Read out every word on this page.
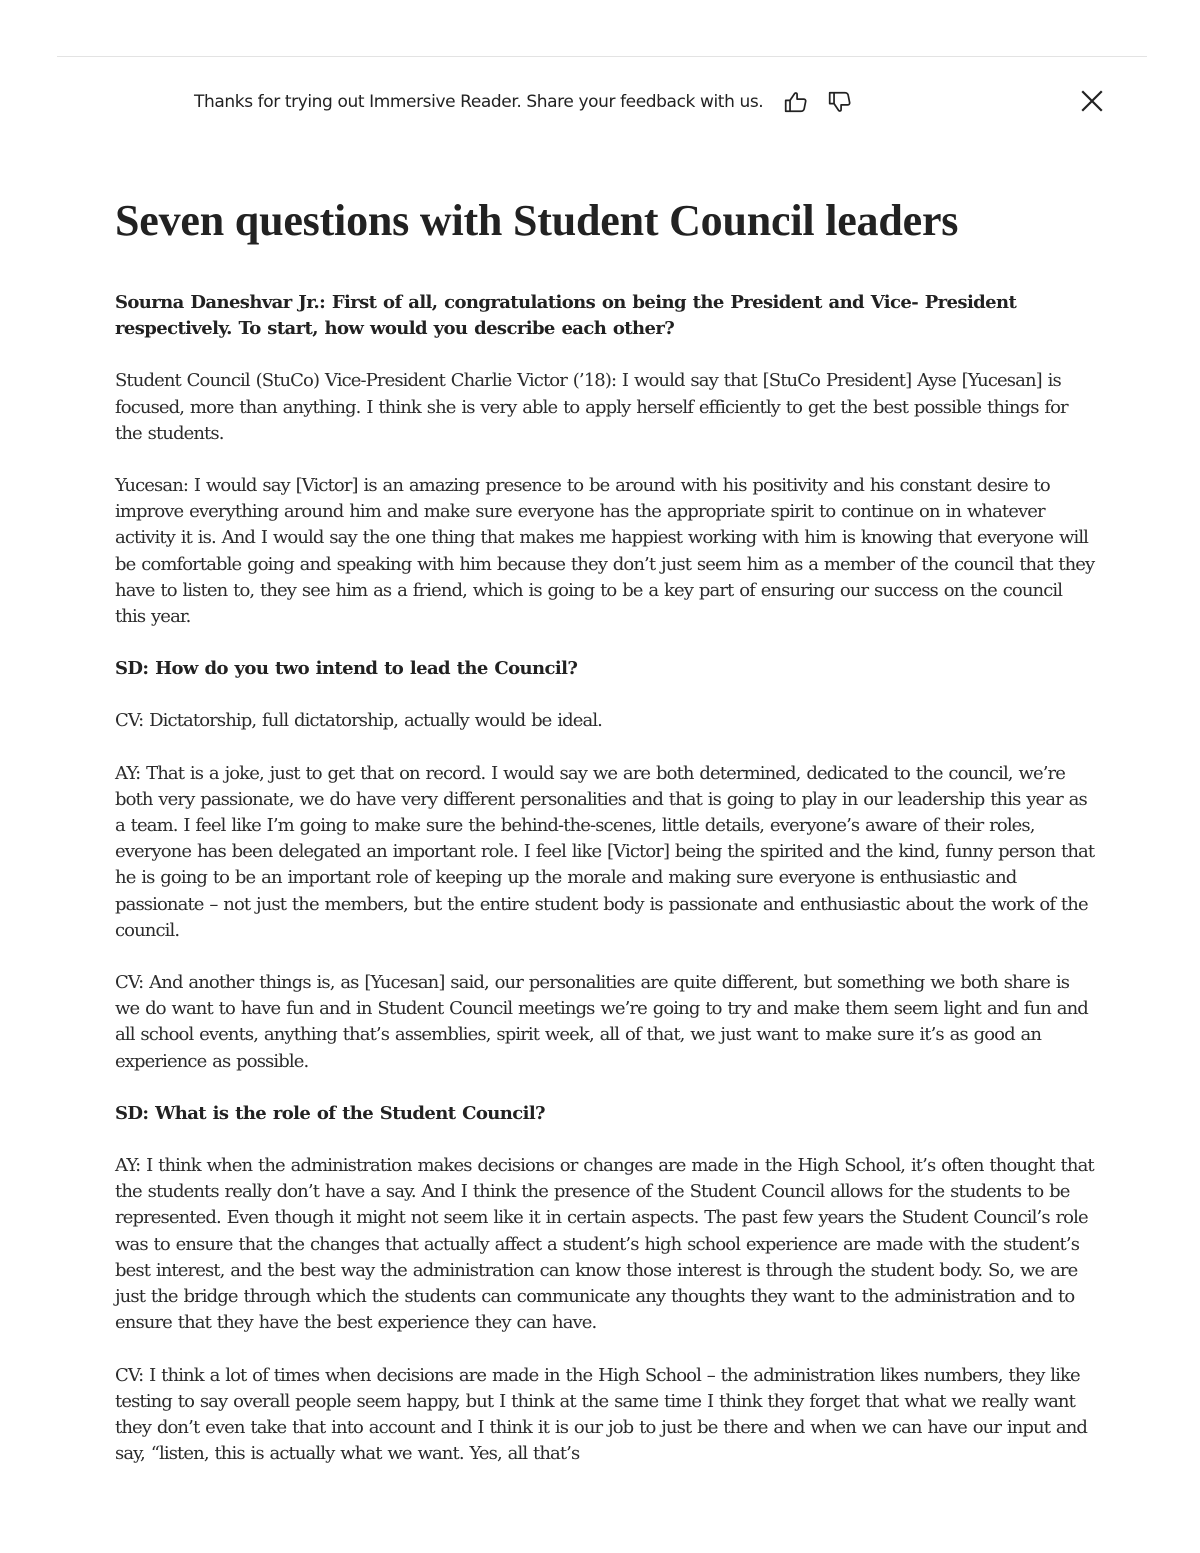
Thanks for trying out Immersive Reader. Share your feedback with us.
Seven questions with Student Council leaders

Sourna Daneshvar Jr.: First of all, congratulations on being the President and Vice- President respectively. To start, how would you describe each other?

Student Council (StuCo) Vice-President Charlie Victor (’18): I would say that [StuCo President] Ayse [Yucesan] is focused, more than anything. I think she is very able to apply herself efficiently to get the best possible things for the students.

Yucesan: I would say [Victor] is an amazing presence to be around with his positivity and his constant desire to improve everything around him and make sure everyone has the appropriate spirit to continue on in whatever activity it is. And I would say the one thing that makes me happiest working with him is knowing that everyone will be comfortable going and speaking with him because they don’t just seem him as a member of the council that they have to listen to, they see him as a friend, which is going to be a key part of ensuring our success on the council this year.

SD: How do you two intend to lead the Council?

CV: Dictatorship, full dictatorship, actually would be ideal.

AY: That is a joke, just to get that on record. I would say we are both determined, dedicated to the council, we’re both very passionate, we do have very different personalities and that is going to play in our leadership this year as a team. I feel like I’m going to make sure the behind-the-scenes, little details, everyone’s aware of their roles, everyone has been delegated an important role. I feel like [Victor] being the spirited and the kind, funny person that he is going to be an important role of keeping up the morale and making sure everyone is enthusiastic and passionate – not just the members, but the entire student body is passionate and enthusiastic about the work of the council.

CV: And another things is, as [Yucesan] said, our personalities are quite different, but something we both share is we do want to have fun and in Student Council meetings we’re going to try and make them seem light and fun and all school events, anything that’s assemblies, spirit week, all of that, we just want to make sure it’s as good an experience as possible.

SD: What is the role of the Student Council?

AY: I think when the administration makes decisions or changes are made in the High School, it’s often thought that the students really don’t have a say. And I think the presence of the Student Council allows for the students to be represented. Even though it might not seem like it in certain aspects. The past few years the Student Council’s role was to ensure that the changes that actually affect a student’s high school experience are made with the student’s best interest, and the best way the administration can know those interest is through the student body. So, we are just the bridge through which the students can communicate any thoughts they want to the administration and to ensure that they have the best experience they can have.

CV: I think a lot of times when decisions are made in the High School – the administration likes numbers, they like testing to say overall people seem happy, but I think at the same time I think they forget that what we really want they don’t even take that into account and I think it is our job to just be there and when we can have our input and say, “listen, this is actually what we want. Yes, all that’s
